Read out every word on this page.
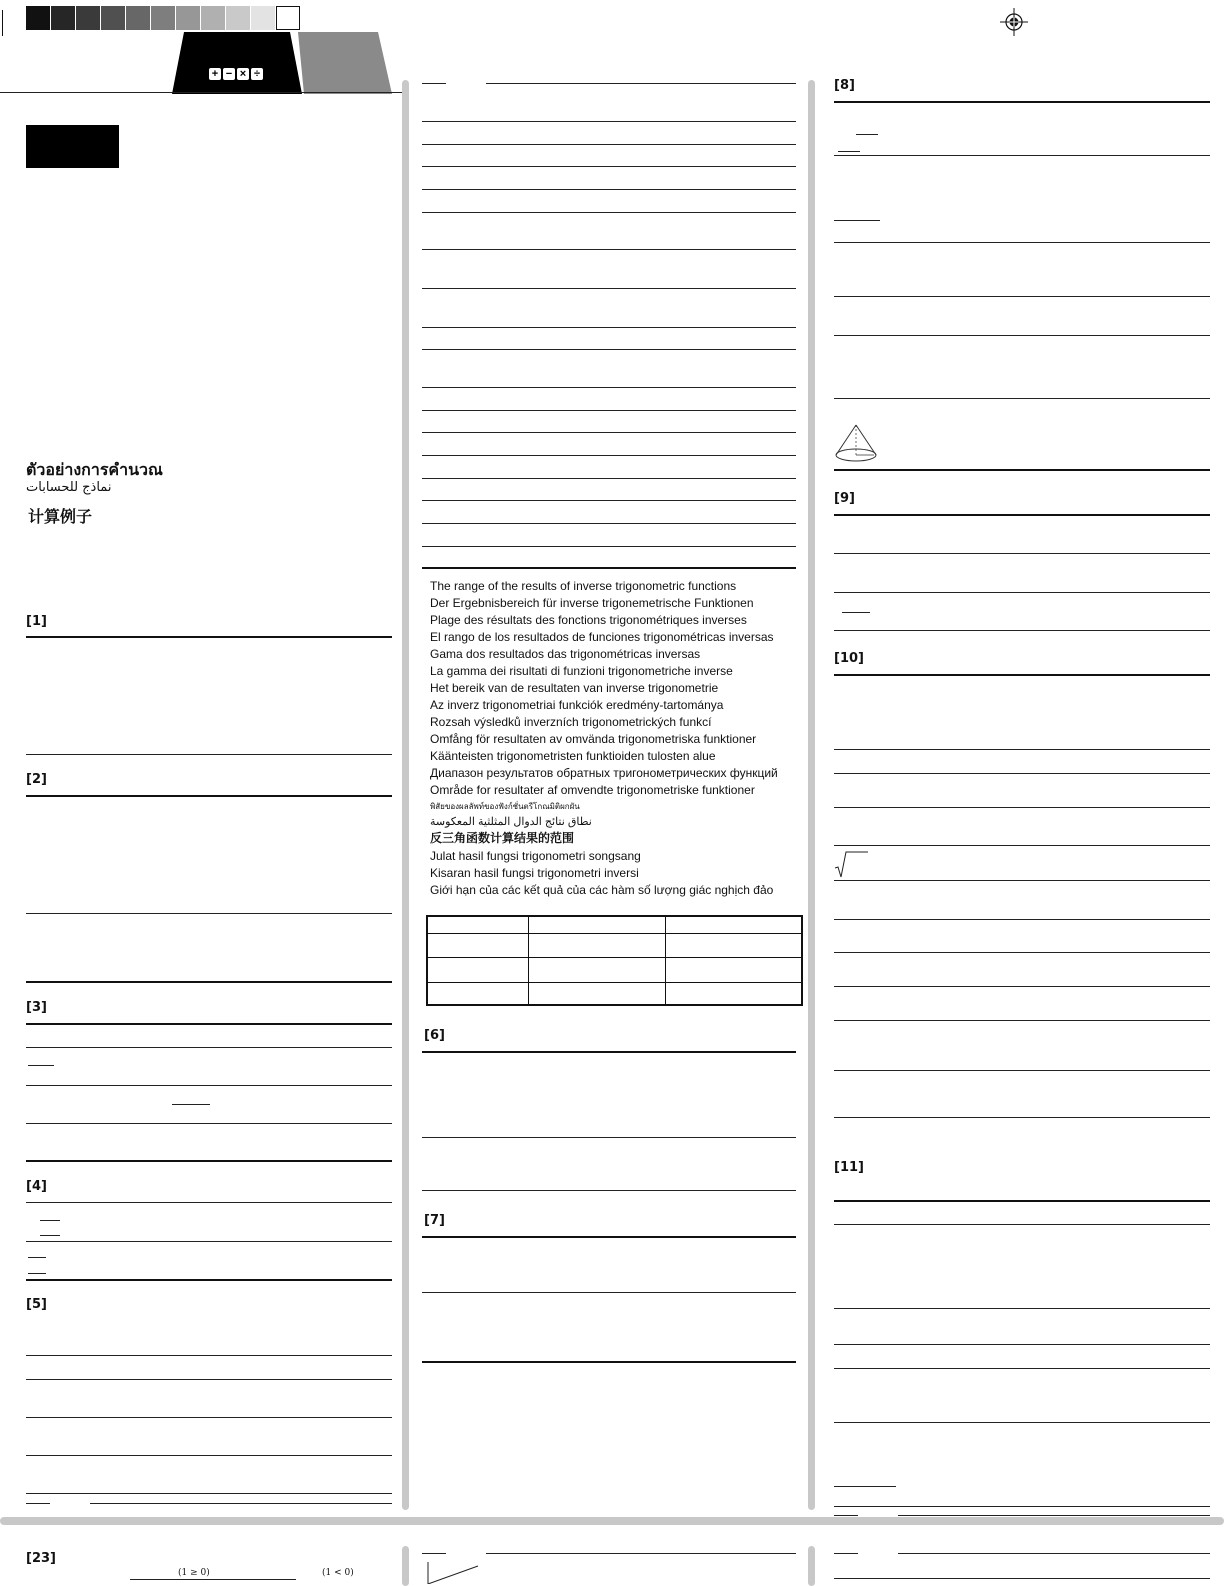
+ − × ÷
ตัวอย่างการคำนวณ
نماذج للحسابات
计算例子
[1]
[2]
[3]
[4]
[5]
The range of the results of inverse trigonometric functions
Der Ergebnisbereich für inverse trigonemetrische Funktionen
Plage des résultats des fonctions trigonométriques inverses
El rango de los resultados de funciones trigonométricas inversas
Gama dos resultados das trigonométricas inversas
La gamma dei risultati di funzioni trigonometriche inverse
Het bereik van de resultaten van inverse trigonometrie
Az inverz trigonometriai funkciók eredmény-tartománya
Rozsah výsledků inverzních trigonometrických funkcí
Omfång för resultaten av omvända trigonometriska funktioner
Käänteisten trigonometristen funktioiden tulosten alue
Диапазон результатов обратных тригонометрических функций
Område for resultater af omvendte trigonometriske funktioner
พิสัยของผลลัพท์ของฟังก์ชั่นตรีโกณมิติผกผัน
نطاق نتائج الدوال المثلثية المعكوسة
反三角函数计算结果的范围
Julat hasil fungsi trigonometri songsang
Kisaran hasil fungsi trigonometri inversi
Giới hạn của các kết quả của các hàm số lượng giác nghịch đảo
[6]
[7]
[8]
[9]
[10]
[11]
[23]
(1 ≥ 0)	(1 < 0)
